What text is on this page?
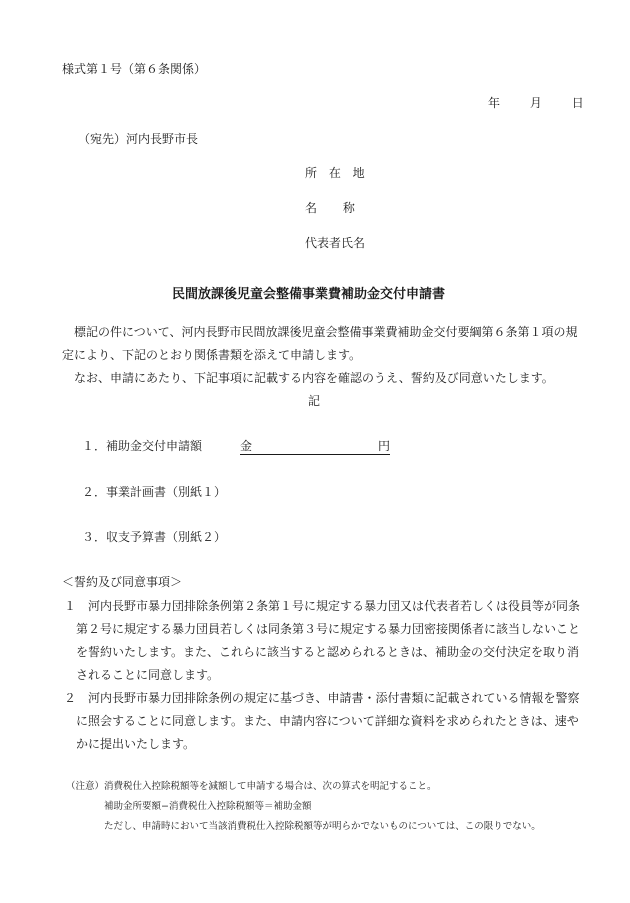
様式第１号（第６条関係）
年 月 日
（宛先）河内長野市長
所 在 地
名 称
代表者氏名
民間放課後児童会整備事業費補助金交付申請書
標記の件について、河内長野市民間放課後児童会整備事業費補助金交付要綱第６条第１項の規
定により、下記のとおり関係書類を添えて申請します。
なお、申請にあたり、下記事項に記載する内容を確認のうえ、誓約及び同意いたします。
記
１．補助金交付申請額	金	円
２．事業計画書（別紙１）
３．収支予算書（別紙２）
＜誓約及び同意事項＞
１ 河内長野市暴力団排除条例第２条第１号に規定する暴力団又は代表者若しくは役員等が同条
第２号に規定する暴力団員若しくは同条第３号に規定する暴力団密接関係者に該当しないこと
を誓約いたします。また、これらに該当すると認められるときは、補助金の交付決定を取り消
されることに同意します。
２ 河内長野市暴力団排除条例の規定に基づき、申請書・添付書類に記載されている情報を警察
に照会することに同意します。また、申請内容について詳細な資料を求められたときは、速や
かに提出いたします。
（注意）消費税仕入控除税額等を減額して申請する場合は、次の算式を明記すること。
補助金所要額−消費税仕入控除税額等＝補助金額
ただし、申請時において当該消費税仕入控除税額等が明らかでないものについては、この限りでない。
